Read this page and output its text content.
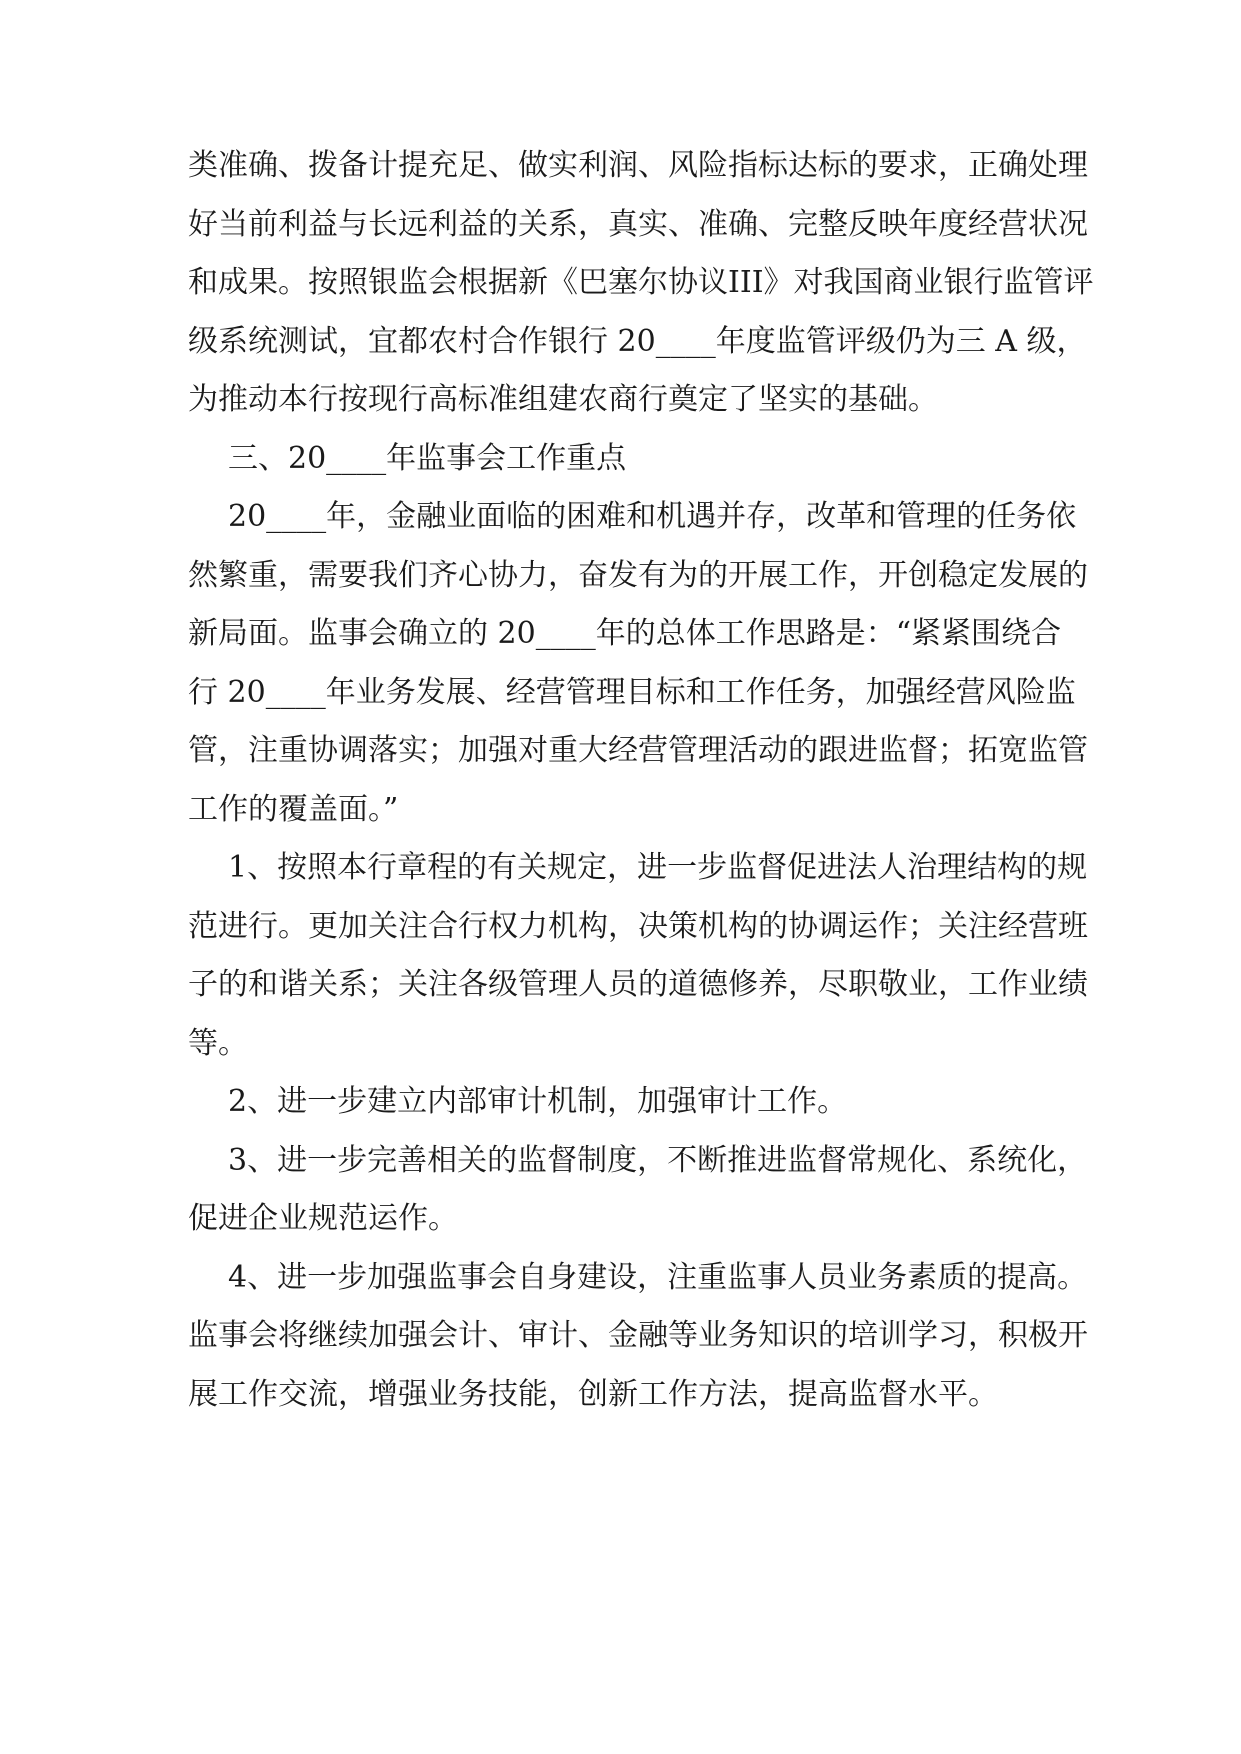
类准确、拨备计提充足、做实利润、风险指标达标的要求，正确处理
好当前利益与长远利益的关系，真实、准确、完整反映年度经营状况
和成果。按照银监会根据新《巴塞尔协议III》对我国商业银行监管评
级系统测试，宜都农村合作银行 20____年度监管评级仍为三 A 级，
为推动本行按现行高标准组建农商行奠定了坚实的基础。
三、20____年监事会工作重点
20____年，金融业面临的困难和机遇并存，改革和管理的任务依
然繁重，需要我们齐心协力，奋发有为的开展工作，开创稳定发展的
新局面。监事会确立的 20____年的总体工作思路是：“紧紧围绕合
行 20____年业务发展、经营管理目标和工作任务，加强经营风险监
管，注重协调落实；加强对重大经营管理活动的跟进监督；拓宽监管
工作的覆盖面。”
1、按照本行章程的有关规定，进一步监督促进法人治理结构的规
范进行。更加关注合行权力机构，决策机构的协调运作；关注经营班
子的和谐关系；关注各级管理人员的道德修养，尽职敬业，工作业绩
等。
2、进一步建立内部审计机制，加强审计工作。
3、进一步完善相关的监督制度，不断推进监督常规化、系统化，
促进企业规范运作。
4、进一步加强监事会自身建设，注重监事人员业务素质的提高。
监事会将继续加强会计、审计、金融等业务知识的培训学习，积极开
展工作交流，增强业务技能，创新工作方法，提高监督水平。
